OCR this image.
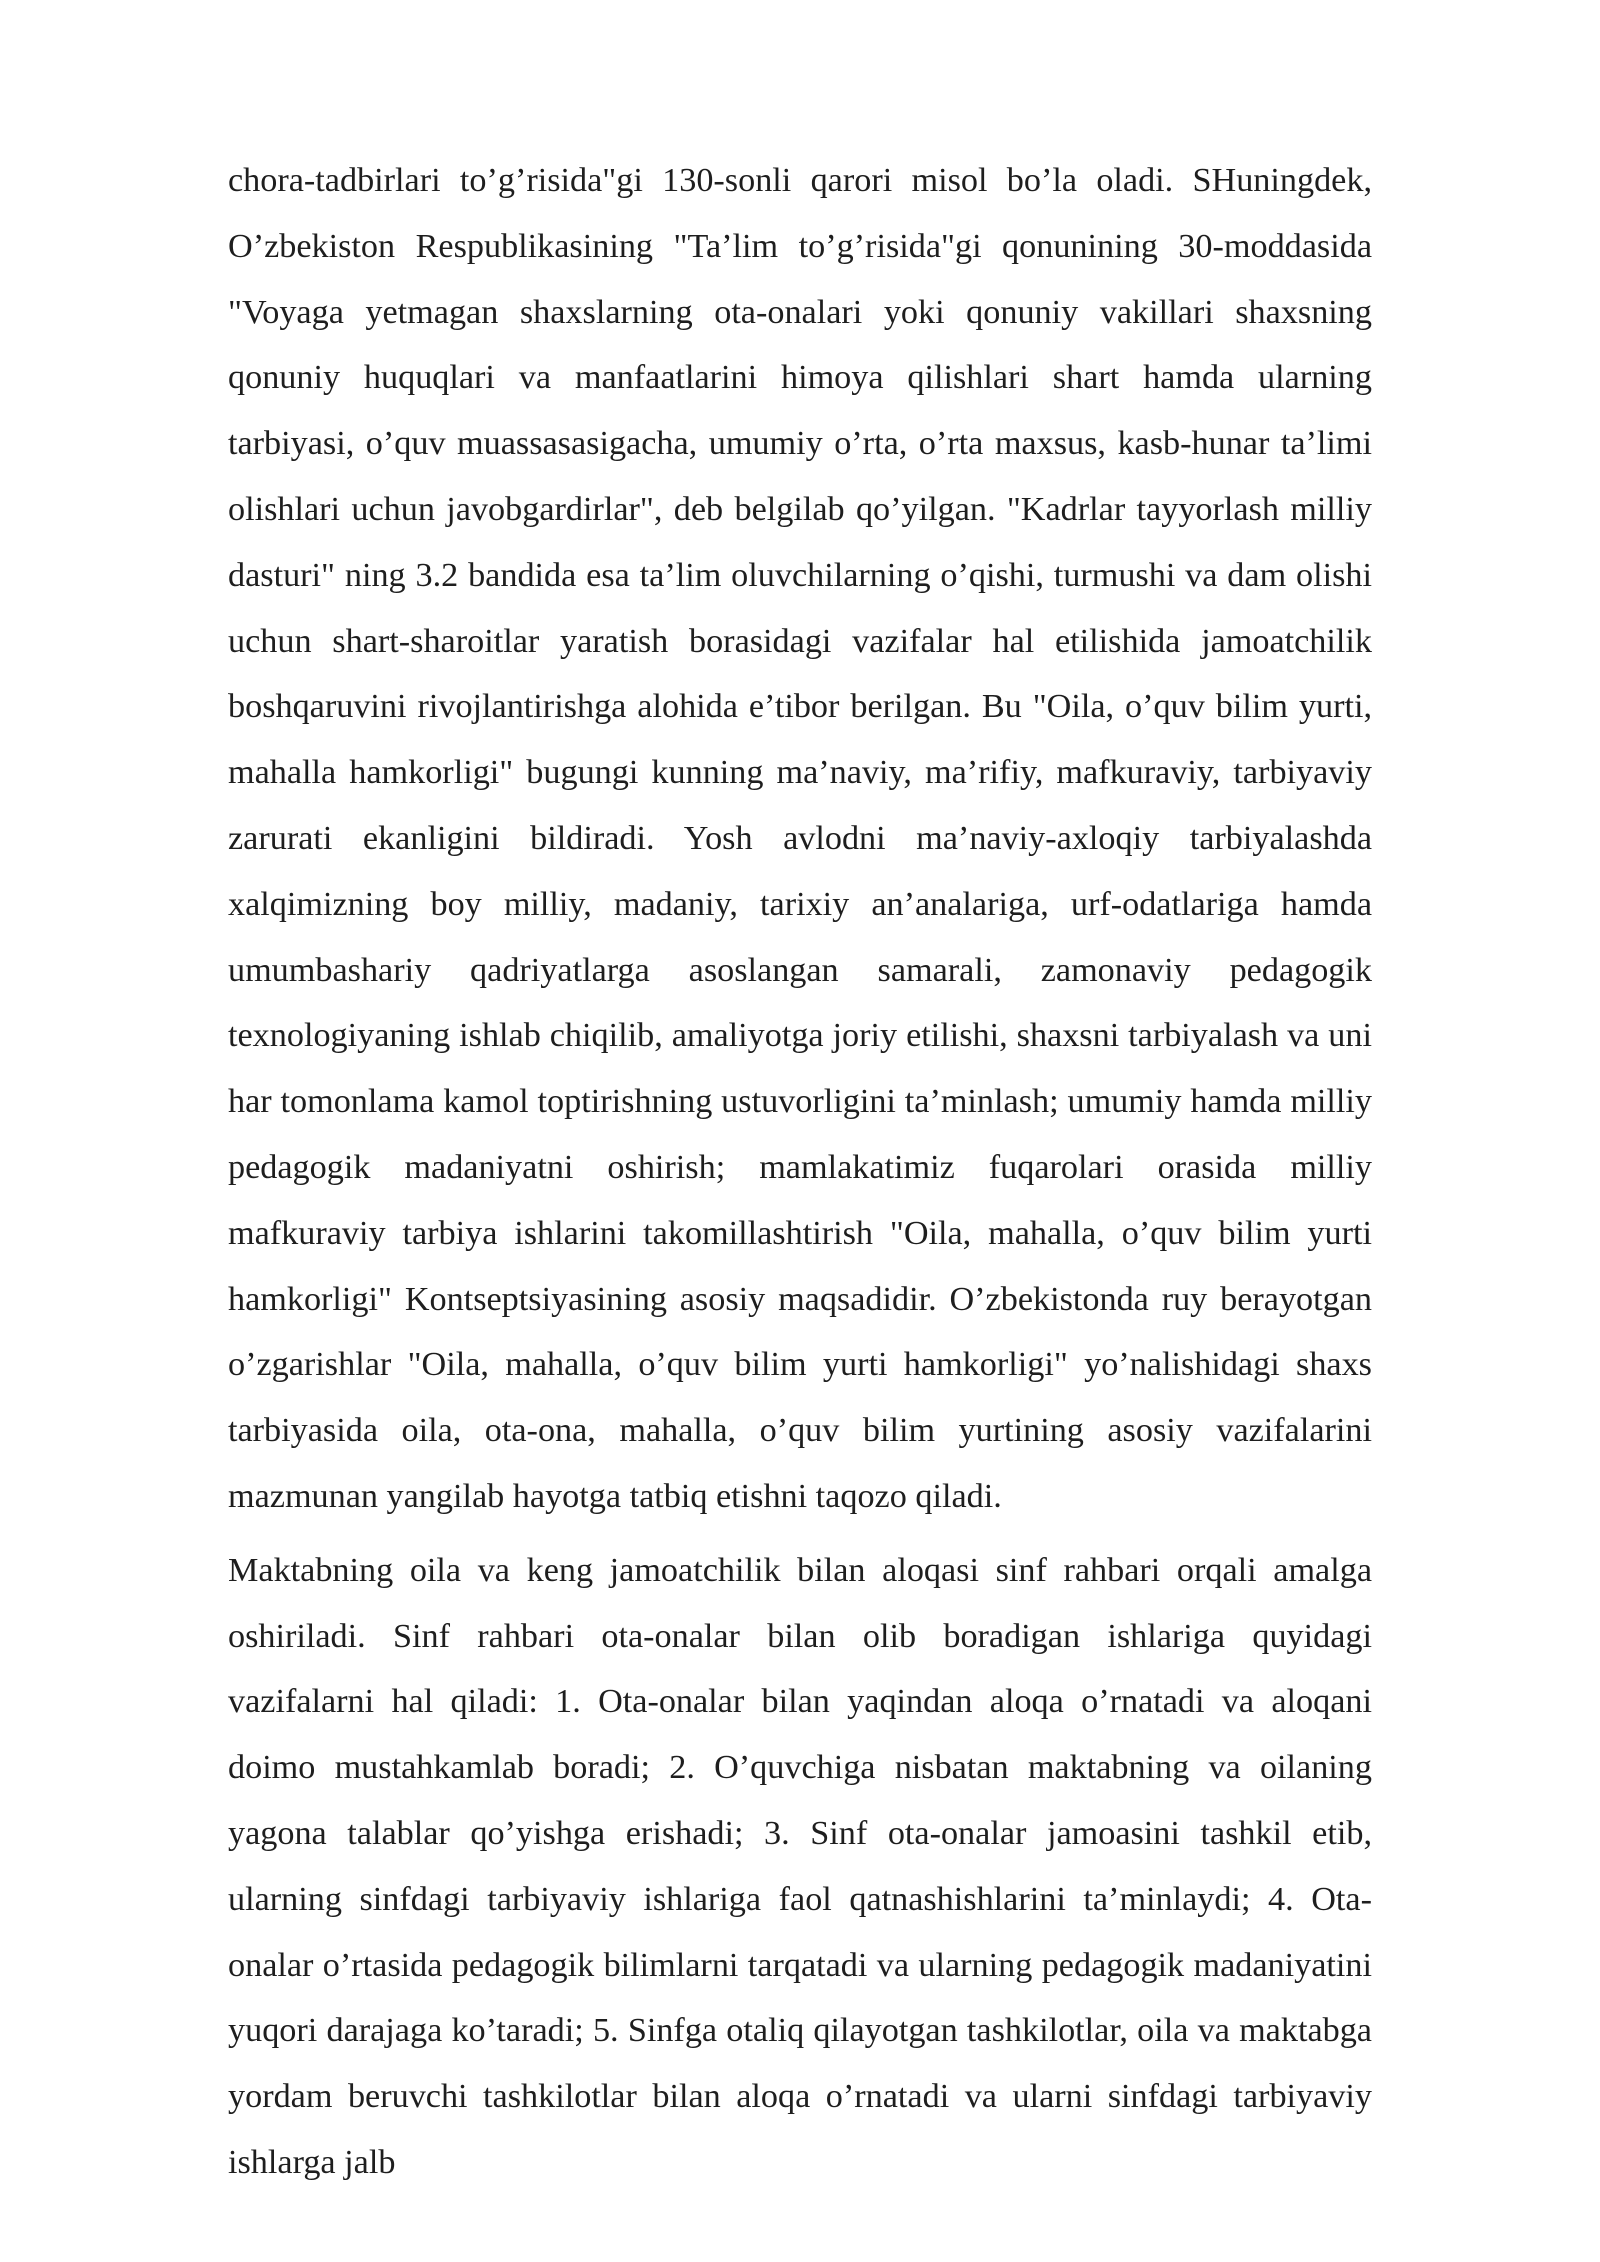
chora-tadbirlari to’g’risida"gi 130-sonli qarori misol bo’la oladi. SHuningdek, O’zbekiston Respublikasining "Ta’lim to’g’risida"gi qonunining 30-moddasida "Voyaga yetmagan shaxslarning ota-onalari yoki qonuniy vakillari shaxsning qonuniy huquqlari va manfaatlarini himoya qilishlari shart hamda ularning tarbiyasi, o’quv muassasasigacha, umumiy o’rta, o’rta maxsus, kasb-hunar ta’limi olishlari uchun javobgardirlar", deb belgilab qo’yilgan. "Kadrlar tayyorlash milliy dasturi" ning 3.2 bandida esa ta’lim oluvchilarning o’qishi, turmushi va dam olishi uchun shart-sharoitlar yaratish borasidagi vazifalar hal etilishida jamoatchilik boshqaruvini rivojlantirishga alohida e’tibor berilgan. Bu "Oila, o’quv bilim yurti, mahalla hamkorligi" bugungi kunning ma’naviy, ma’rifiy, mafkuraviy, tarbiyaviy zarurati ekanligini bildiradi. Yosh avlodni ma’naviy-axloqiy tarbiyalashda xalqimizning boy milliy, madaniy, tarixiy an’analariga, urf-odatlariga hamda umumbashariy qadriyatlarga asoslangan samarali, zamonaviy pedagogik texnologiyaning ishlab chiqilib, amaliyotga joriy etilishi, shaxsni tarbiyalash va uni har tomonlama kamol toptirishning ustuvorligini ta’minlash; umumiy hamda milliy pedagogik madaniyatni oshirish; mamlakatimiz fuqarolari orasida milliy mafkuraviy tarbiya ishlarini takomillashtirish "Oila, mahalla, o’quv bilim yurti hamkorligi" Kontseptsiyasining asosiy maqsadidir. O’zbekistonda ruy berayotgan o’zgarishlar "Oila, mahalla, o’quv bilim yurti hamkorligi" yo’nalishidagi shaxs tarbiyasida oila, ota-ona, mahalla, o’quv bilim yurtining asosiy vazifalarini mazmunan yangilab hayotga tatbiq etishni taqozo qiladi.

Maktabning oila va keng jamoatchilik bilan aloqasi sinf rahbari orqali amalga oshiriladi. Sinf rahbari ota-onalar bilan olib boradigan ishlariga quyidagi vazifalarni hal qiladi: 1. Ota-onalar bilan yaqindan aloqa o’rnatadi va aloqani doimo mustahkamlab boradi; 2. O’quvchiga nisbatan maktabning va oilaning yagona talablar qo’yishga erishadi; 3. Sinf ota-onalar jamoasini tashkil etib, ularning sinfdagi tarbiyaviy ishlariga faol qatnashishlarini ta’minlaydi; 4. Ota-onalar o’rtasida pedagogik bilimlarni tarqatadi va ularning pedagogik madaniyatini yuqori darajaga ko’taradi; 5. Sinfga otaliq qilayotgan tashkilotlar, oila va maktabga yordam beruvchi tashkilotlar bilan aloqa o’rnatadi va ularni sinfdagi tarbiyaviy ishlarga jalb
